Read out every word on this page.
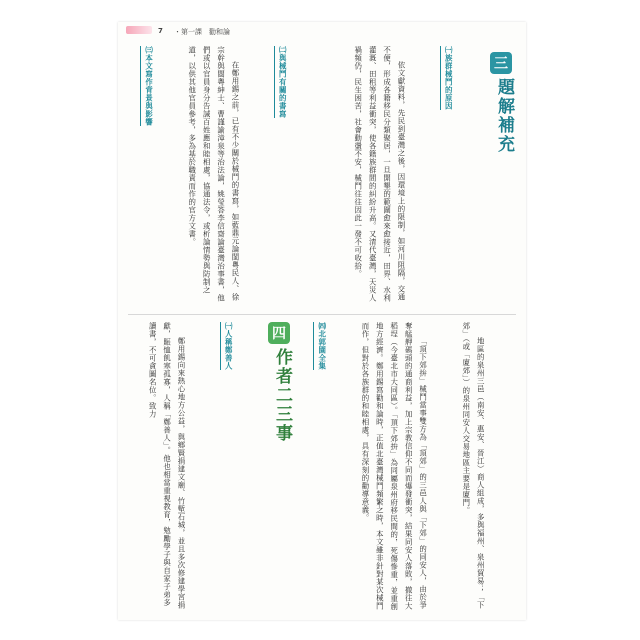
7 ・第一課　勸和論
三
題解補充

㈠族群械鬥的原因

依文獻資料，先民到臺灣之後，因環境上的限制，如河川阻隔，交通不便，形成各籍移民分類聚居，一旦開墾的範圍愈來愈接近，田界、水利灌溉、田租等利益衝突，使各籍族群間的糾紛升高。又清代臺灣，天災人禍頻仍，民生困苦，社會動盪不安，械鬥往往因此一發不可收拾。

㈡與械鬥有關的書寫

在鄭用錫之前，已有不少關於械鬥的書寫，如藍鼎元論閩粵民人、徐宗幹與閩粵紳士、曹謹諭漳泉等治法論，姚瑩答李信齋論臺灣治事書，他們或以官員身分告誡百姓應和睦相處，協通法令，或析論情勢與防制之道，以供其他官員參考，多為基於職責而作的官方文書。

㈢本文寫作背景與影響

地區的泉州三邑（南安、惠安、晉江）商人組成，多與福州、泉州貿易；「下郊」（或「廈郊」）的泉州同安人交易地區主要是廈門。

「頂下郊拚」械鬥當事雙方為「頂郊」的三邑人與「下郊」的同安人，由於爭奪艋舺碼頭的通商利益，加上宗教信仰不同而爆發衝突，結果同安人落敗，撤往大稻埕（今臺北市大同區）。「頂下郊拚」為同屬泉州府移民間的，死傷慘重，並重創地方經濟。鄭用錫寫勸和論時，正值北臺灣械鬥頻繁之時，本文雖非針對某次械鬥而作，但對於各族群的和睦相處，具有深刻的勸導意義。

㈣北郭園全集

四
作者二三事

㈠人稱鄭善人

鄭用錫向來熱心地方公益，與鄉賢捐建文廟、竹塹石城，並且多次修建學宮捐獻，賑恤飢寒孤寡，人稱「鄭善人」。他也相當重視教育，勉勵學子與自家子弟多讀書，不可貪圖名位。致力
